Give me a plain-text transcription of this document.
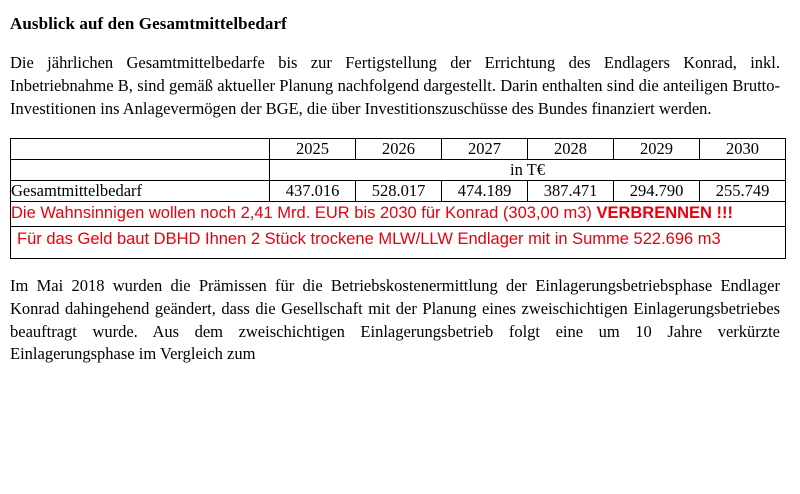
Ausblick auf den Gesamtmittelbedarf
Die jährlichen Gesamtmittelbedarfe bis zur Fertigstellung der Errichtung des Endlagers Konrad, inkl. Inbetriebnahme B, sind gemäß aktueller Planung nachfolgend dargestellt. Darin enthalten sind die anteiligen Brutto-Investitionen ins Anlagevermögen der BGE, die über Investitionszuschüsse des Bundes finanziert werden.
	2025	2026	2027	2028	2029	2030
	in T€					
Gesamtmittelbedarf	437.016	528.017	474.189	387.471	294.790	255.749
Die Wahnsinnigen wollen noch 2,41 Mrd. EUR bis 2030 für Konrad (303,00 m3) VERBRENNEN !!!						
Für das Geld baut DBHD Ihnen 2 Stück trockene MLW/LLW Endlager mit in Summe 522.696 m3						
Im Mai 2018 wurden die Prämissen für die Betriebskostenermittlung der Einlagerungsbetriebsphase Endlager Konrad dahingehend geändert, dass die Gesellschaft mit der Planung eines zweischichtigen Einlagerungsbetriebes beauftragt wurde. Aus dem zweischichtigen Einlagerungsbetrieb folgt eine um 10 Jahre verkürzte Einlagerungsphase im Vergleich zum
